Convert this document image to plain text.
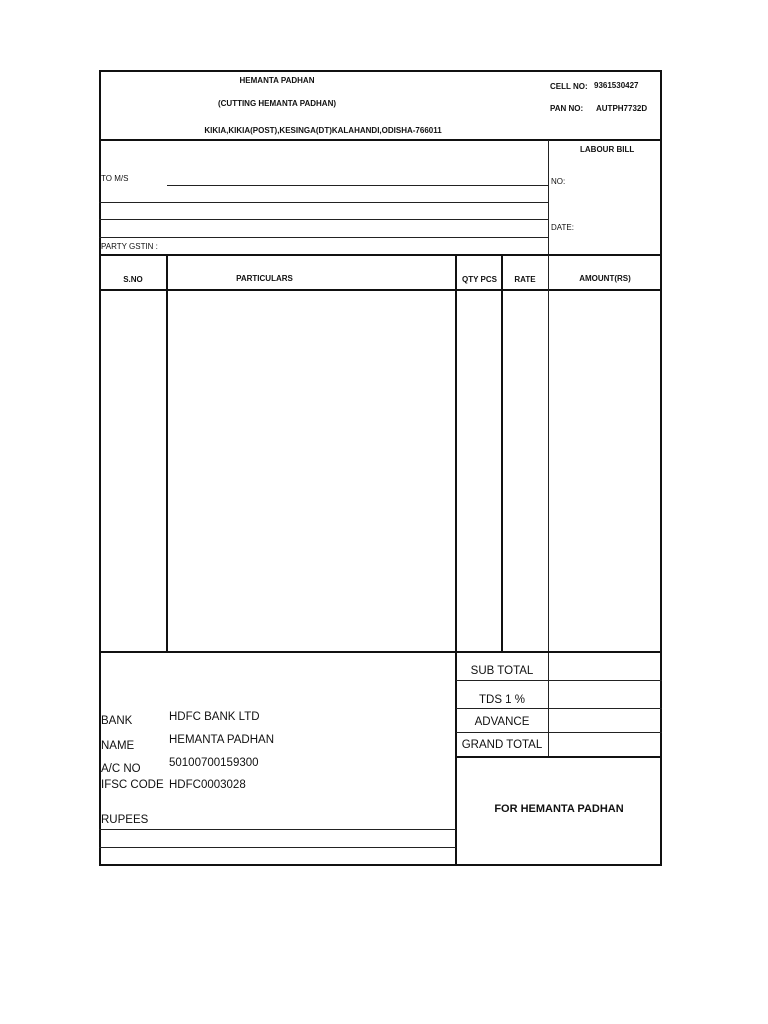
HEMANTA PADHAN
(CUTTING HEMANTA PADHAN)
KIKIA,KIKIA(POST),KESINGA(DT)KALAHANDI,ODISHA-766011
CELL NO: 9361530427
PAN NO: AUTPH7732D
TO M/S
PARTY GSTIN :
LABOUR BILL
NO:
DATE:
S.NO	PARTICULARS	QTY PCS	RATE	AMOUNT(RS)
SUB TOTAL
TDS 1 %
ADVANCE
GRAND TOTAL
FOR HEMANTA PADHAN
BANK	HDFC BANK LTD
NAME	HEMANTA PADHAN
A/C NO 50100700159300
IFSC CODE HDFC0003028
RUPEES
